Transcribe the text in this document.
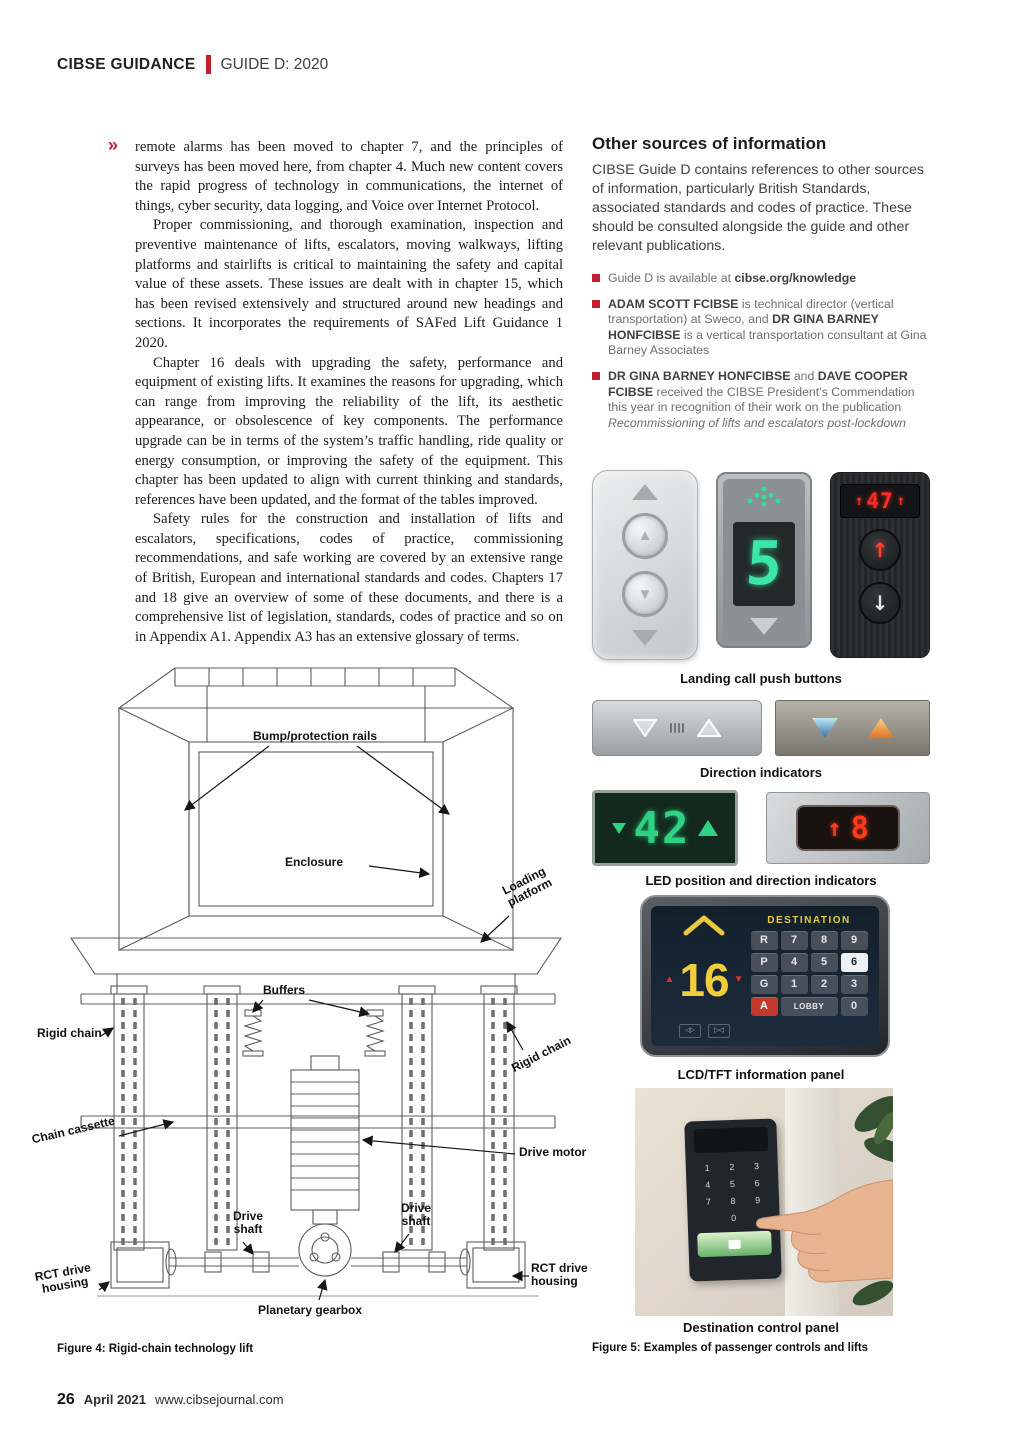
CIBSE GUIDANCE GUIDE D: 2020

» remote alarms has been moved to chapter 7, and the principles of surveys has been moved here, from chapter 4. Much new content covers the rapid progress of technology in communications, the internet of things, cyber security, data logging, and Voice over Internet Protocol.

Proper commissioning, and thorough examination, inspection and preventive maintenance of lifts, escalators, moving walkways, lifting platforms and stairlifts is critical to maintaining the safety and capital value of these assets. These issues are dealt with in chapter 15, which has been revised extensively and structured around new headings and sections. It incorporates the requirements of SAFed Lift Guidance 1 2020.

Chapter 16 deals with upgrading the safety, performance and equipment of existing lifts. It examines the reasons for upgrading, which can range from improving the reliability of the lift, its aesthetic appearance, or obsolescence of key components. The performance upgrade can be in terms of the system’s traffic handling, ride quality or energy consumption, or improving the safety of the equipment. This chapter has been updated to align with current thinking and standards, references have been updated, and the format of the tables improved.

Safety rules for the construction and installation of lifts and escalators, specifications, codes of practice, commissioning recommendations, and safe working are covered by an extensive range of British, European and international standards and codes. Chapters 17 and 18 give an overview of some of these documents, and there is a comprehensive list of legislation, standards, codes of practice and so on in Appendix A1. Appendix A3 has an extensive glossary of terms.

Other sources of information

CIBSE Guide D contains references to other sources of information, particularly British Standards, associated standards and codes of practice. These should be consulted alongside the guide and other relevant publications.

Guide D is available at cibse.org/knowledge
ADAM SCOTT FCIBSE is technical director (vertical transportation) at Sweco, and DR GINA BARNEY HONFCIBSE is a vertical transportation consultant at Gina Barney Associates
DR GINA BARNEY HONFCIBSE and DAVE COOPER FCIBSE received the CIBSE President’s Commendation this year in recognition of their work on the publication Recommissioning of lifts and escalators post-lockdown
▲
▼ 5
↑ 47 ↑
↑
↓
Landing call push buttons
Direction indicators
42	↑ 8
LED position and direction indicators
▲ 16 ▼
◁▷	▷◁
DESTINATION
R	7	8	9
P	4	5	6
G	1	2	3
A	LOBBY	0
LCD/TFT information panel
1	2	3
4	5	6
7	8	9
0
Destination control panel
Figure 5: Examples of passenger controls and lifts
Bump/protection rails
Enclosure
Loading platform
Buffers
Rigid chain
Rigid chain
Chain cassette
Drive motor
Drive shaft
Drive shaft
RCT drive housing
RCT drive housing
Planetary gearbox
Figure 4: Rigid-chain technology lift
26 April 2021 www.cibsejournal.com
